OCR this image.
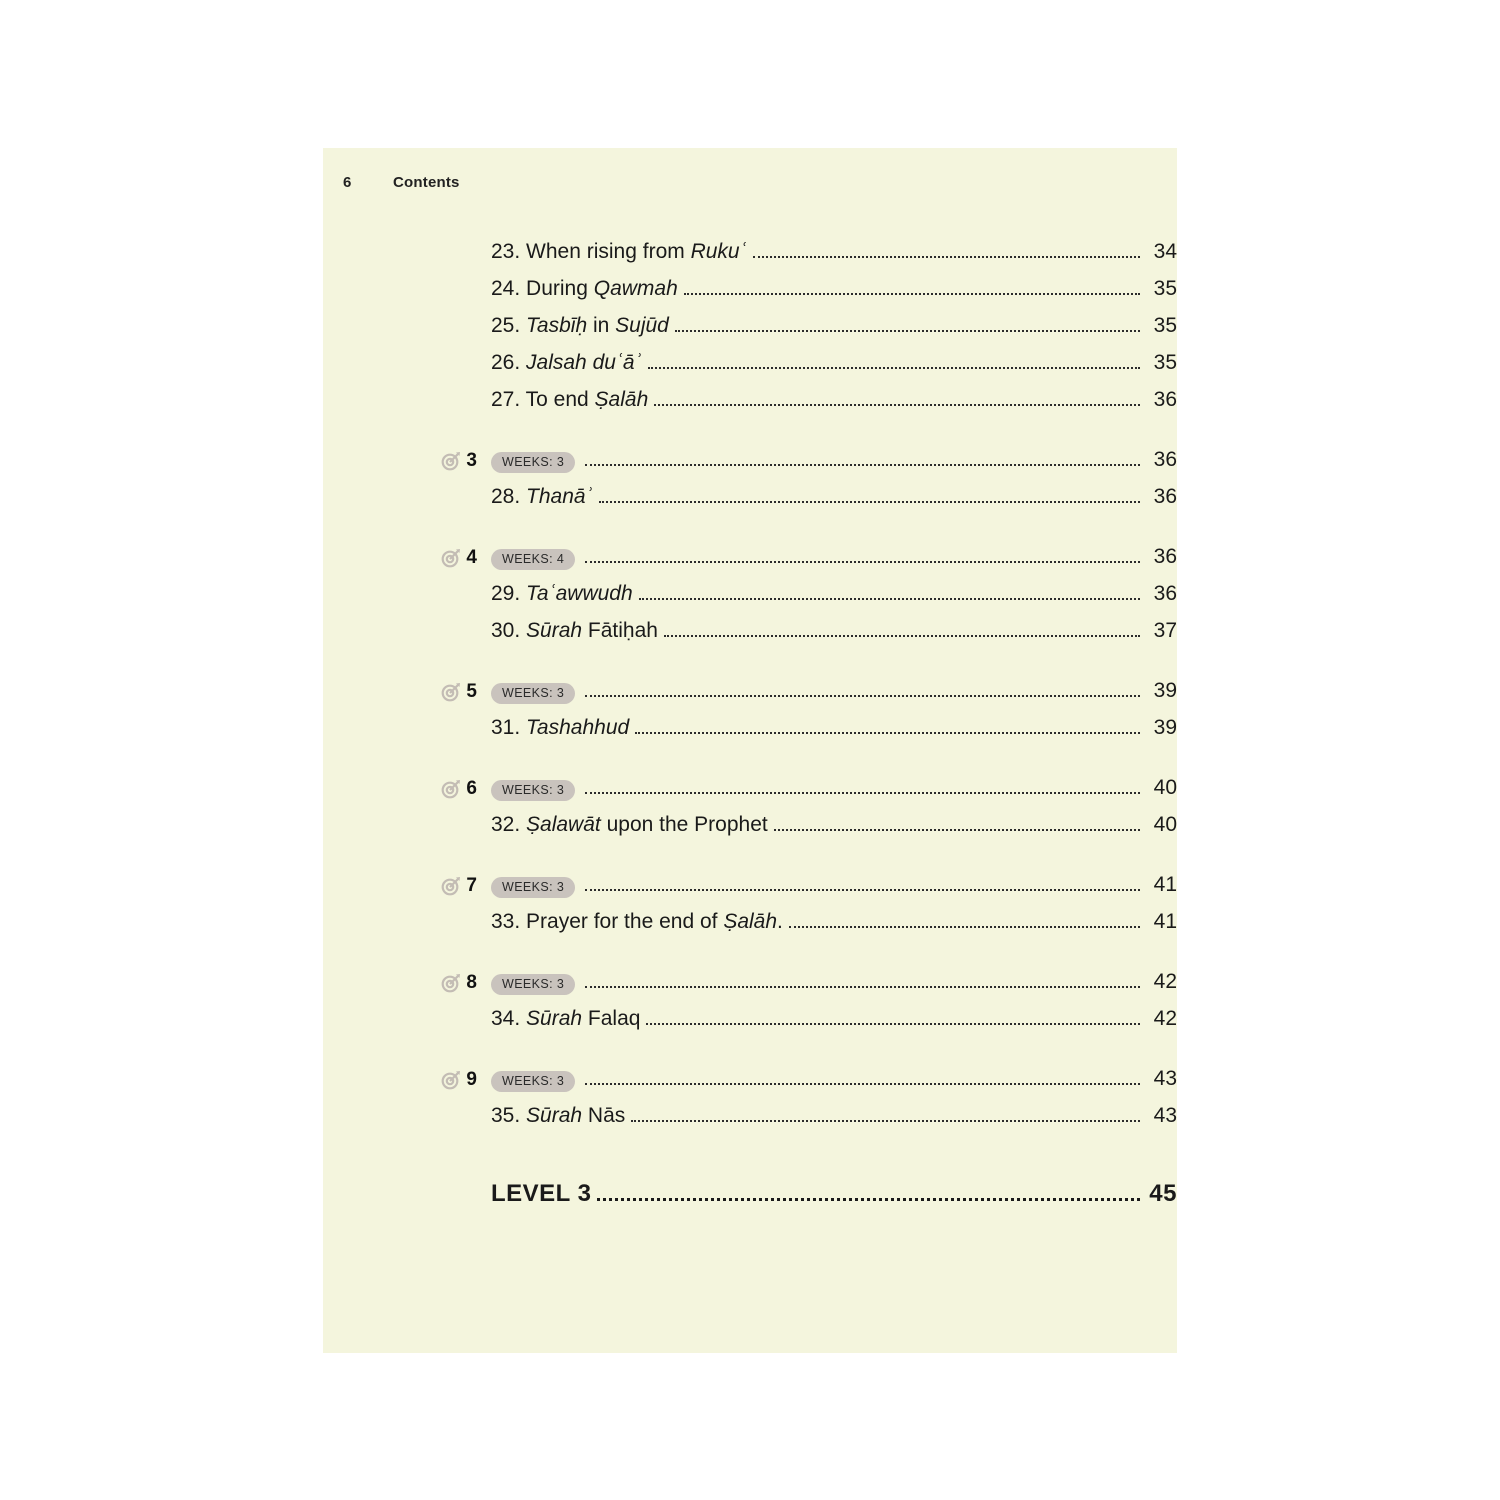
6	Contents
23. When rising from Rukuʿ	34
24. During Qawmah	35
25. Tasbīḥ in Sujūd	35
26. Jalsah duʿāʾ	35
27. To end Ṣalāh	36
3	WEEKS: 3	36
28. Thanāʾ	36
4	WEEKS: 4	36
29. Taʿawwudh	36
30. Sūrah Fātiḥah	37
5	WEEKS: 3	39
31. Tashahhud	39
6	WEEKS: 3	40
32. Ṣalawāt upon the Prophet	40
7	WEEKS: 3	41
33. Prayer for the end of Ṣalāh.	41
8	WEEKS: 3	42
34. Sūrah Falaq	42
9	WEEKS: 3	43
35. Sūrah Nās	43
LEVEL 3	45
